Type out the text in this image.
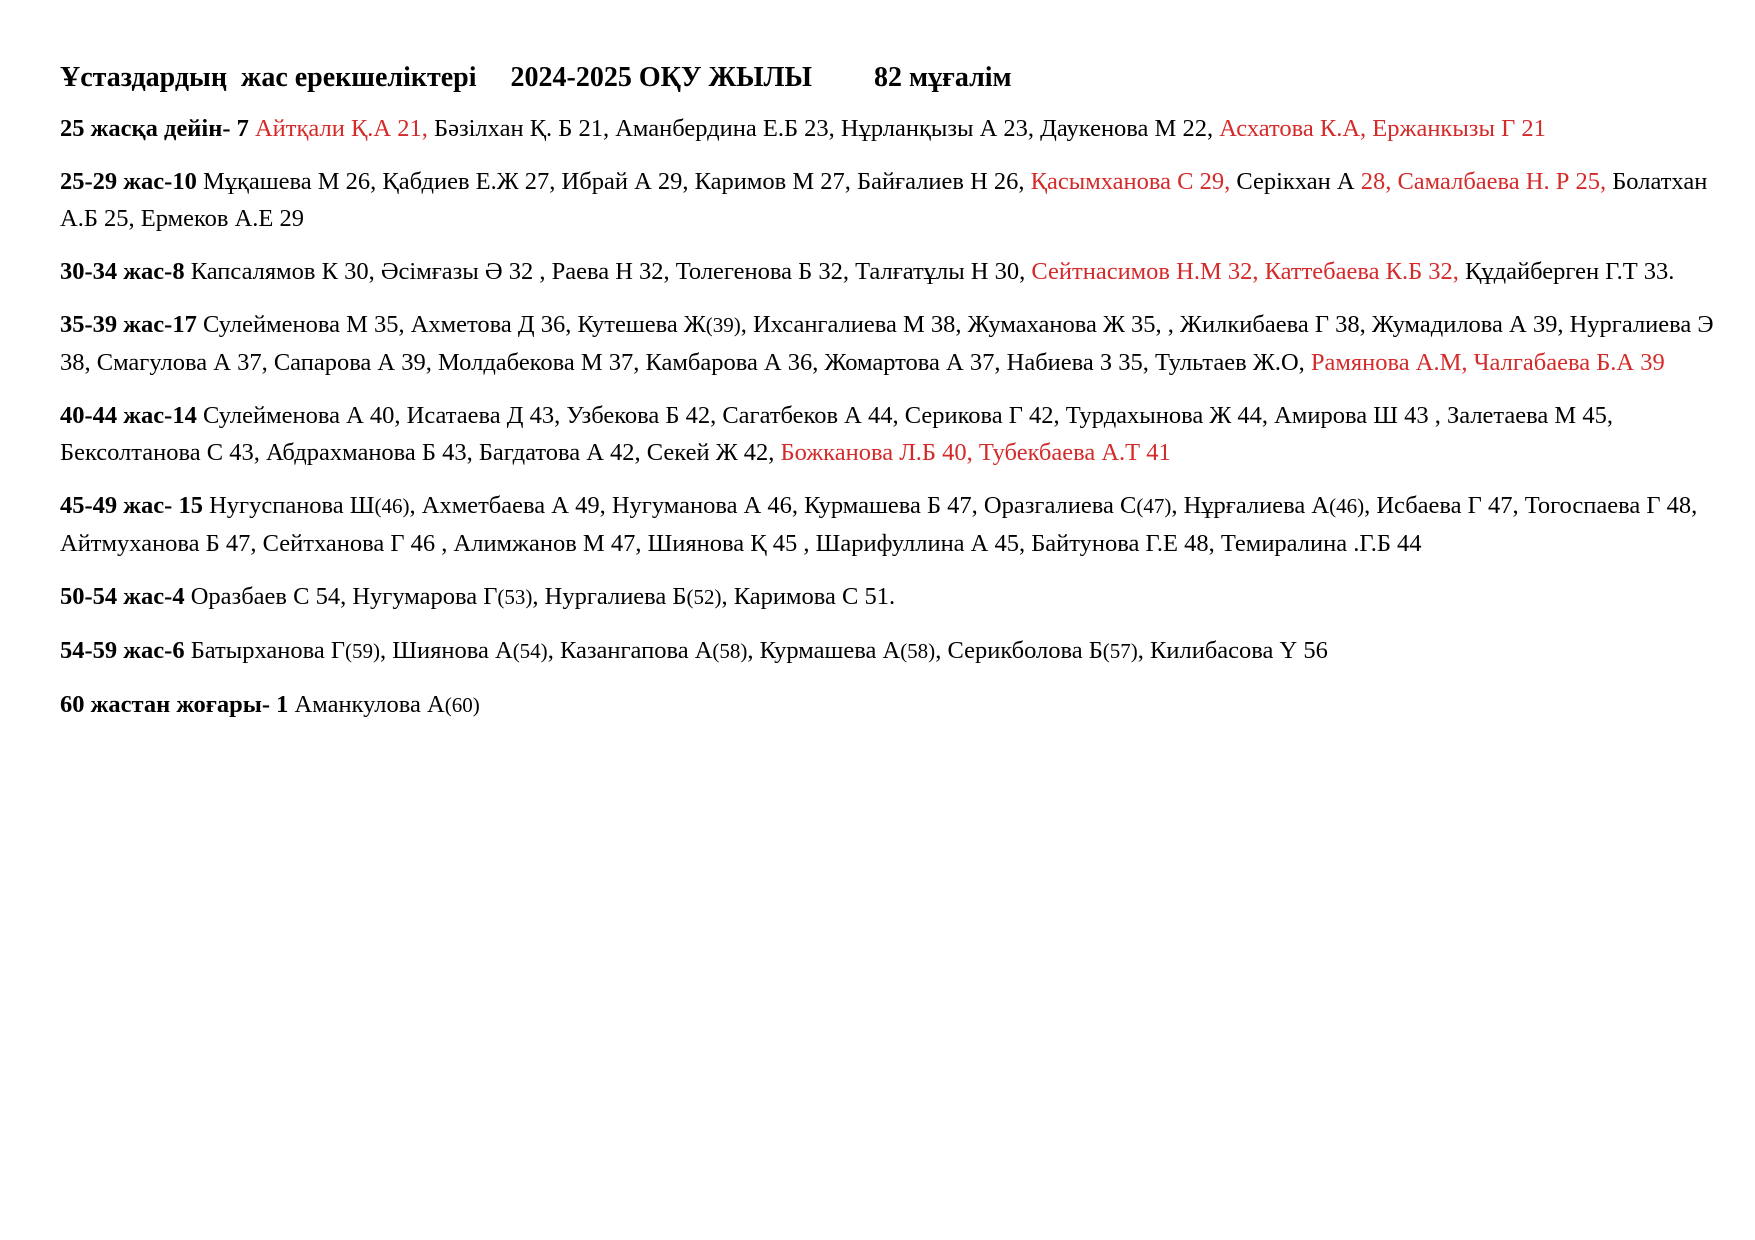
Ұстаздардың  жас ерекшеліктері 2024-2025 ОҚУ ЖЫЛЫ 82 мұғалім

25 жасқа дейін- 7 Айтқали Қ.А 21, Бәзілхан Қ. Б 21, Аманбердина Е.Б 23, Нұрланқызы А 23, Даукенова М 22, Асхатова К.А, Ержанкызы Г 21

25-29 жас-10 Мұқашева М 26, Қабдиев Е.Ж 27, Ибрай А 29, Каримов М 27, Байғалиев Н 26, Қасымханова С 29, Серікхан А 28, Самалбаева Н. Р 25, Болатхан А.Б 25, Ермеков А.Е 29

30-34 жас-8 Капсалямов К 30, Әсімғазы Ә 32 , Раева Н 32, Толегенова Б 32, Талғатұлы Н 30, Сейтнасимов Н.М 32, Каттебаева К.Б 32, Құдайберген Г.Т 33.

35-39 жас-17 Сулейменова М 35, Ахметова Д 36, Кутешева Ж(39), Ихсангалиева М 38, Жумаханова Ж 35, , Жилкибаева Г 38, Жумадилова А 39, Нургалиева Э 38, Смагулова А 37, Сапарова А 39, Молдабекова М 37, Камбарова А 36, Жомартова А 37, Набиева З 35, Тультаев Ж.О, Рамянова А.М, Чалгабаева Б.А 39

40-44 жас-14 Сулейменова А 40, Исатаева Д 43, Узбекова Б 42, Сагатбеков А 44, Серикова Г 42, Турдахынова Ж 44, Амирова Ш 43 , Залетаева М 45, Бексолтанова С 43, Абдрахманова Б 43, Багдатова А 42, Секей Ж 42, Божканова Л.Б 40, Тубекбаева А.Т 41

45-49 жас- 15 Нугуспанова Ш(46), Ахметбаева А 49, Нугуманова А 46, Курмашева Б 47, Оразгалиева С(47), Нұрғалиева А(46), Исбаева Г 47, Тогоспаева Г 48, Айтмуханова Б 47, Сейтханова Г 46 , Алимжанов М 47, Шиянова Қ 45 , Шарифуллина А 45, Байтунова Г.Е 48, Темиралина .Г.Б 44

50-54 жас-4 Оразбаев С 54, Нугумарова Г(53), Нургалиева Б(52), Каримова С 51.

54-59 жас-6 Батырханова Г(59), Шиянова А(54), Казангапова А(58), Курмашева А(58), Серикболова Б(57), Килибасова Ү 56

60 жастан жоғары- 1 Аманкулова А(60)
